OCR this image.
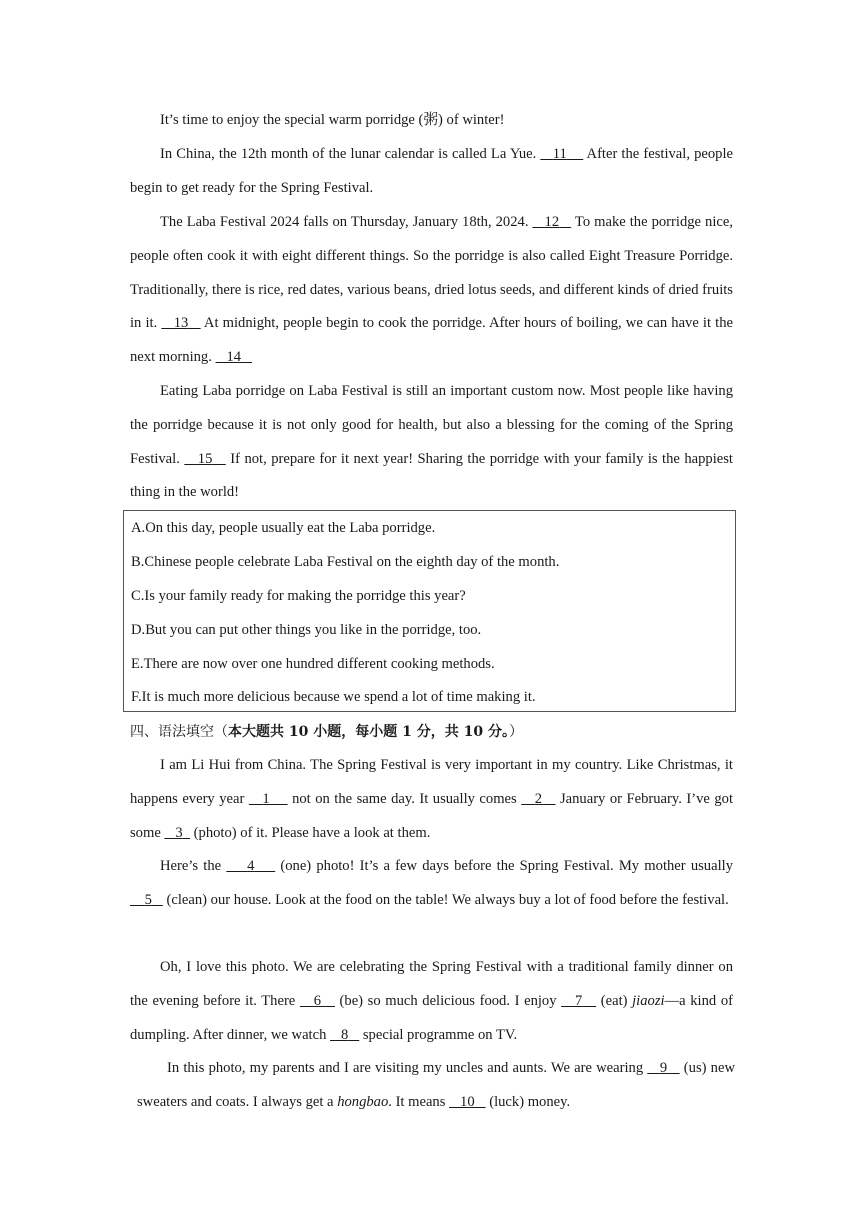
It’s time to enjoy the special warm porridge (粥) of winter!

In China, the 12th month of the lunar calendar is called La Yue.    11     After the festival, people begin to get ready for the Spring Festival.

The Laba Festival 2024 falls on Thursday, January 18th, 2024.    12    To make the porridge nice, people often cook it with eight different things. So the porridge is also called Eight Treasure Porridge. Traditionally, there is rice, red dates, various beans, dried lotus seeds, and different kinds of dried fruits in it.    13    At midnight, people begin to cook the porridge. After hours of boiling, we can have it the next morning.    14

Eating Laba porridge on Laba Festival is still an important custom now. Most people like having the porridge because it is not only good for health, but also a blessing for the coming of the Spring Festival.    15    If not, prepare for it next year! Sharing the porridge with your family is the happiest thing in the world!

A.On this day, people usually eat the Laba porridge.

B.Chinese people celebrate Laba Festival on the eighth day of the month.

C.Is your family ready for making the porridge this year?

D.But you can put other things you like in the porridge, too.

E.There are now over one hundred different cooking methods.

F.It is much more delicious because we spend a lot of time making it.

四、语法填空（本大题共 10 小题，每小题 1 分，共 10 分。）

I am Li Hui from China. The Spring Festival is very important in my country. Like Christmas, it happens every year    1     not on the same day. It usually comes    2    January or February. I’ve got some    3   (photo) of it. Please have a look at them.

Here’s the     4     (one) photo! It’s a few days before the Spring Festival. My mother usually     5    (clean) our house. Look at the food on the table! We always buy a lot of food before the festival.

Oh, I love this photo. We are celebrating the Spring Festival with a traditional family dinner on the evening before it. There    6    (be) so much delicious food. I enjoy    7    (eat) jiaozi—a kind of dumpling. After dinner, we watch    8    special programme on TV.

In this photo, my parents and I are visiting my uncles and aunts. We are wearing    9    (us) new sweaters and coats. I always get a hongbao. It means    10    (luck) money.
